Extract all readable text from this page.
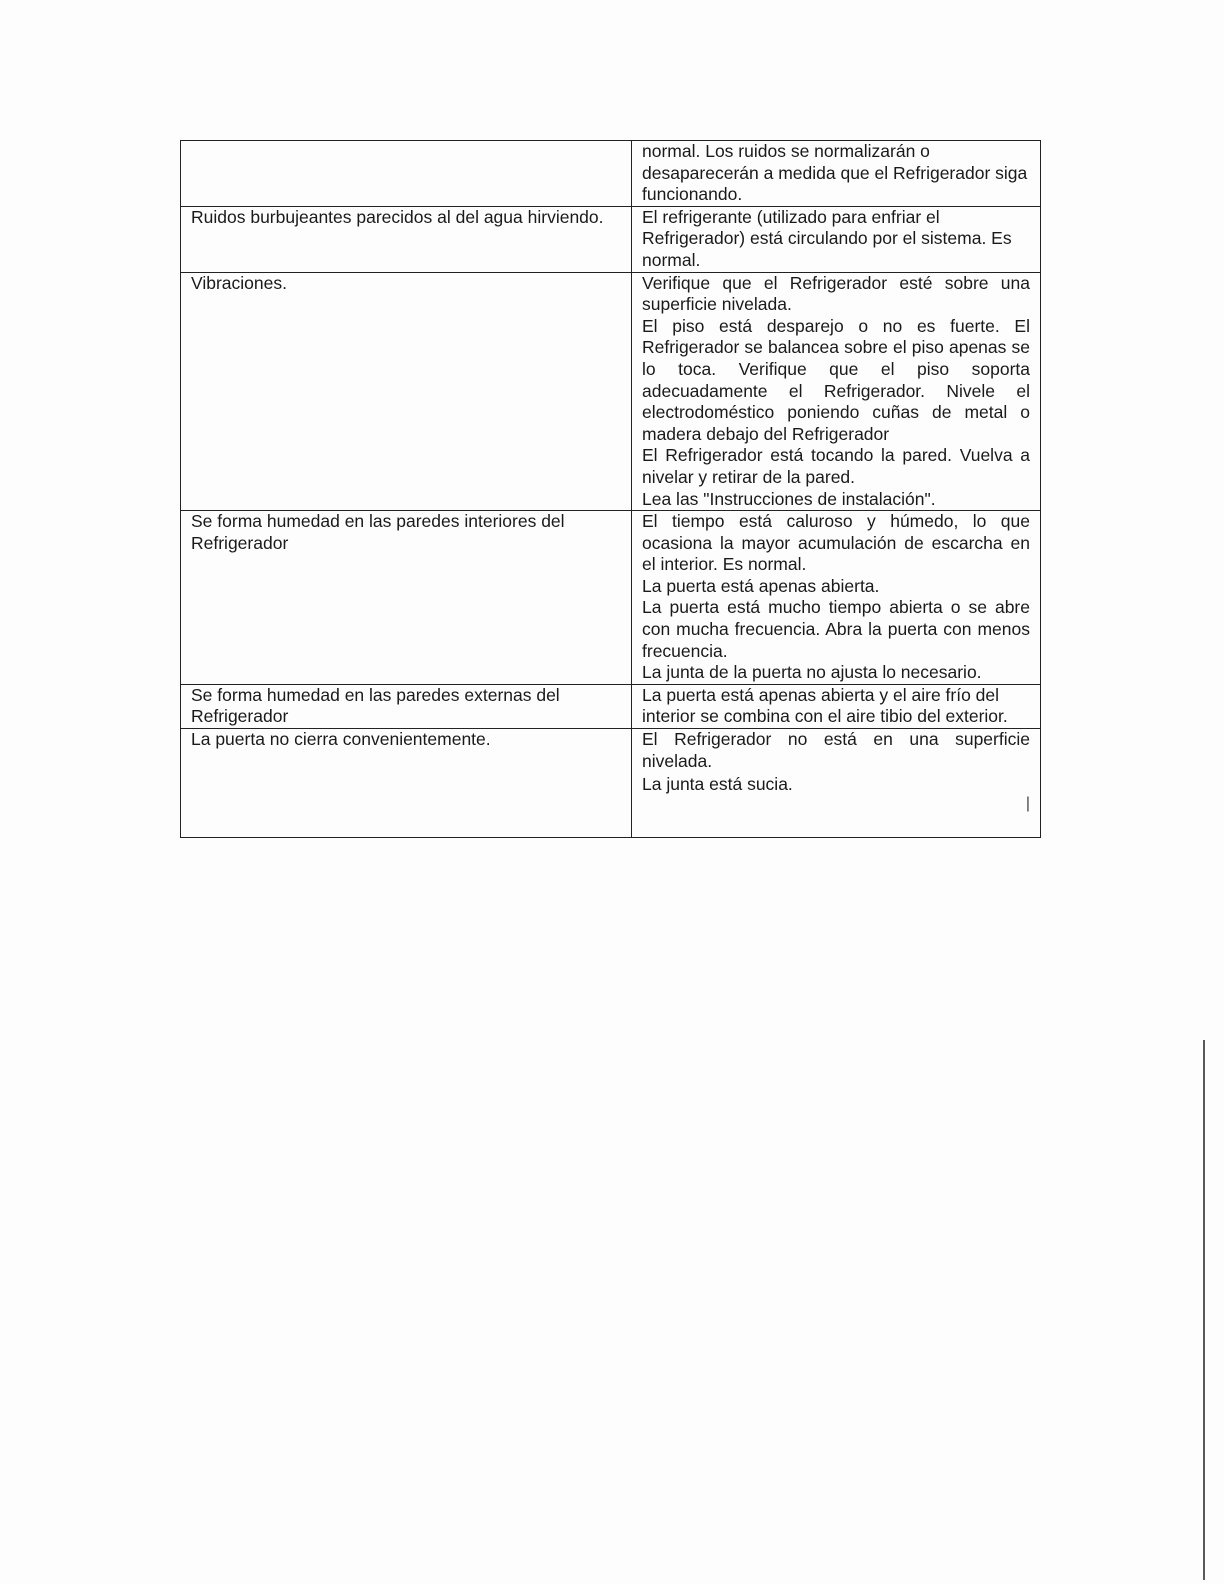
	normal. Los ruidos se normalizarán o desaparecerán a medida que el Refrigerador siga funcionando.

Ruidos burbujeantes parecidos al del agua hirviendo.	El refrigerante (utilizado para enfriar el Refrigerador) está circulando por el sistema. Es normal.

Vibraciones.	Verifique que el Refrigerador esté sobre una superficie nivelada.

El piso está desparejo o no es fuerte. El Refrigerador se balancea sobre el piso apenas se lo toca. Verifique que el piso soporta adecuadamente el Refrigerador. Nivele el electrodoméstico poniendo cuñas de metal o madera debajo del Refrigerador

El Refrigerador está tocando la pared. Vuelva a nivelar y retirar de la pared.

Lea las "Instrucciones de instalación".

Se forma humedad en las paredes interiores del Refrigerador	El tiempo está caluroso y húmedo, lo que ocasiona la mayor acumulación de escarcha en el interior. Es normal.

La puerta está apenas abierta.

La puerta está mucho tiempo abierta o se abre con mucha frecuencia. Abra la puerta con menos frecuencia.

La junta de la puerta no ajusta lo necesario.

Se forma humedad en las paredes externas del Refrigerador	La puerta está apenas abierta y el aire frío del interior se combina con el aire tibio del exterior.

La puerta no cierra convenientemente.	El Refrigerador no está en una superficie nivelada.

La junta está sucia.

|
